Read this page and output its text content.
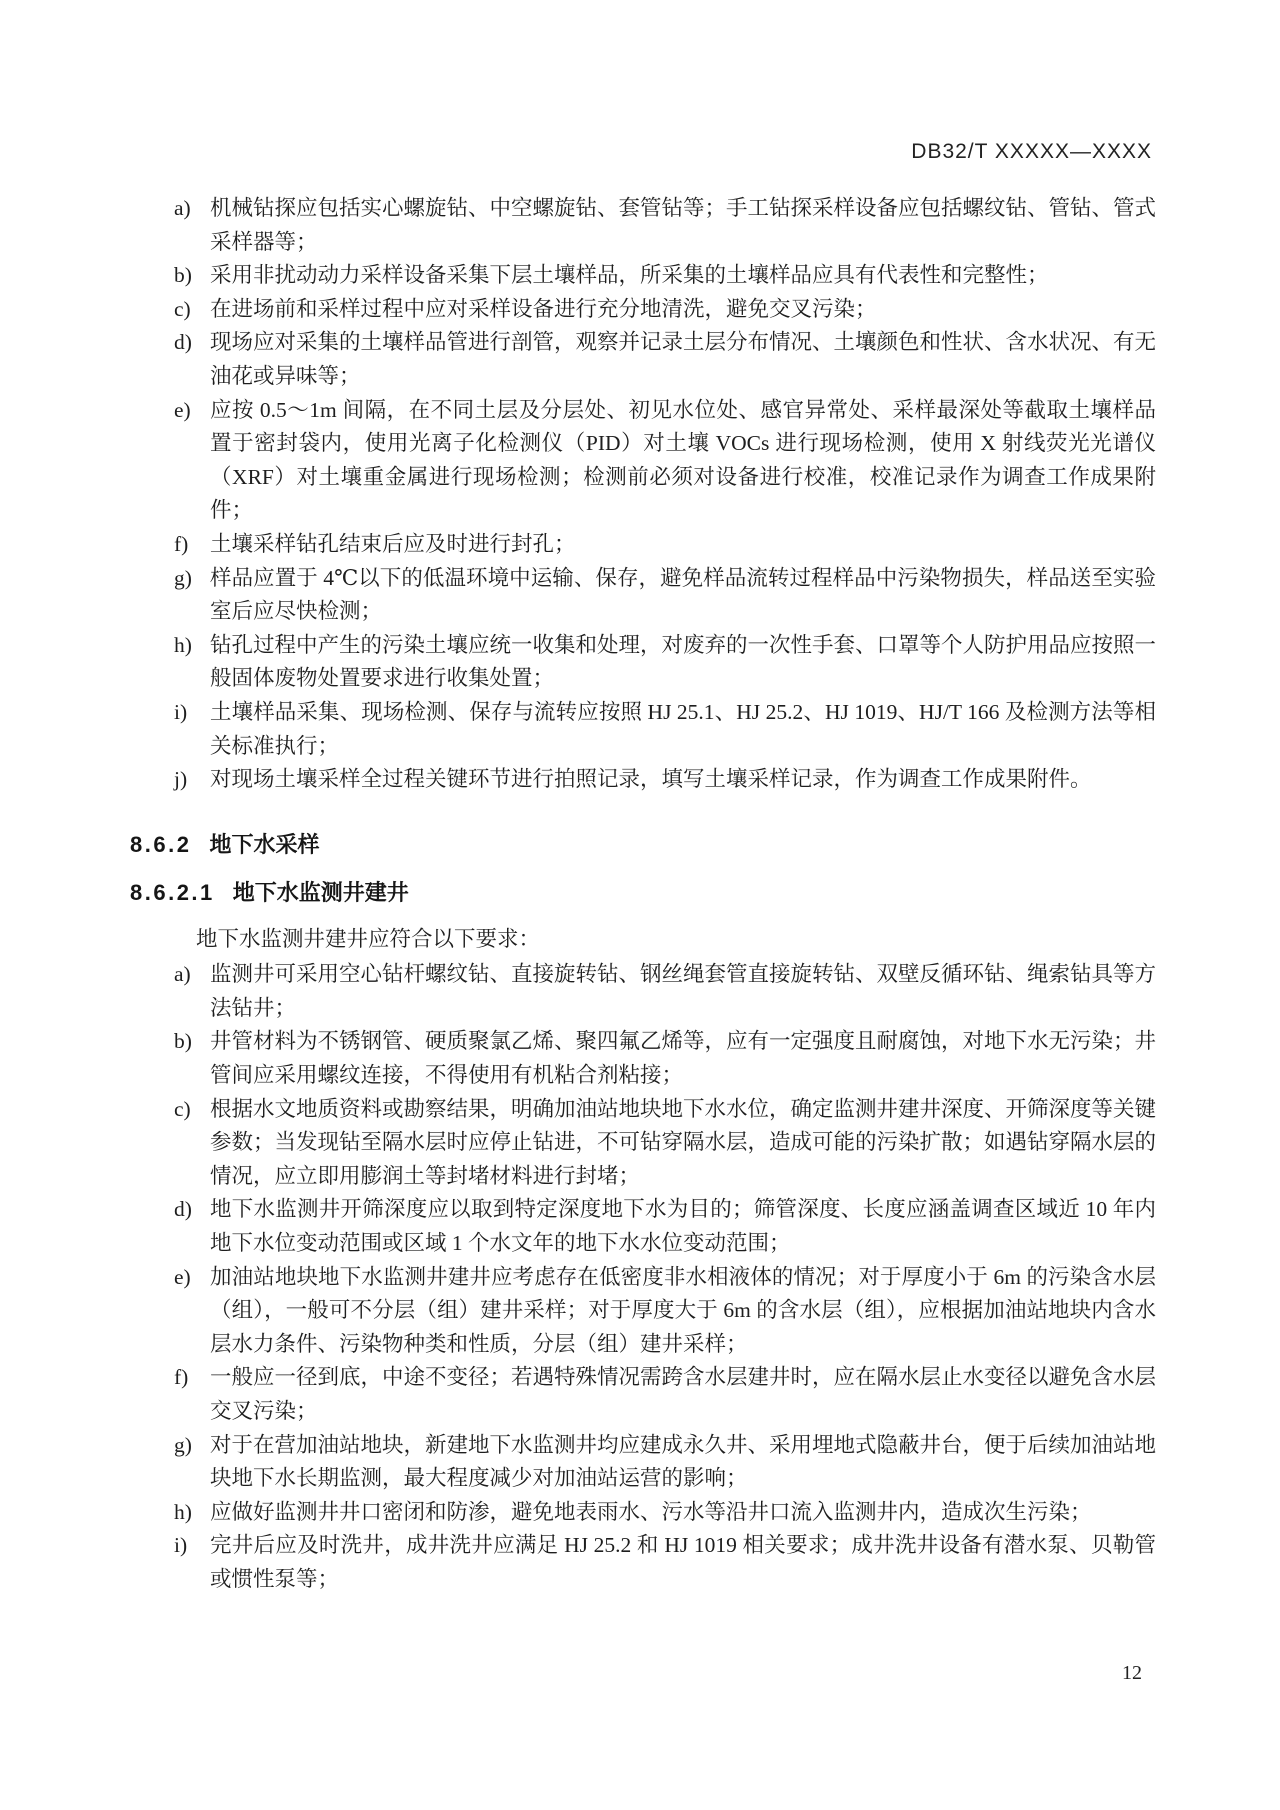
DB32/T XXXXX—XXXX
a) 机械钻探应包括实心螺旋钻、中空螺旋钻、套管钻等；手工钻探采样设备应包括螺纹钻、管钻、管式采样器等；
b) 采用非扰动动力采样设备采集下层土壤样品，所采集的土壤样品应具有代表性和完整性；
c) 在进场前和采样过程中应对采样设备进行充分地清洗，避免交叉污染；
d) 现场应对采集的土壤样品管进行剖管，观察并记录土层分布情况、土壤颜色和性状、含水状况、有无油花或异味等；
e) 应按 0.5～1m 间隔，在不同土层及分层处、初见水位处、感官异常处、采样最深处等截取土壤样品置于密封袋内，使用光离子化检测仪（PID）对土壤 VOCs 进行现场检测，使用 X 射线荧光光谱仪（XRF）对土壤重金属进行现场检测；检测前必须对设备进行校准，校准记录作为调查工作成果附件；
f) 土壤采样钻孔结束后应及时进行封孔；
g) 样品应置于 4℃以下的低温环境中运输、保存，避免样品流转过程样品中污染物损失，样品送至实验室后应尽快检测；
h) 钻孔过程中产生的污染土壤应统一收集和处理，对废弃的一次性手套、口罩等个人防护用品应按照一般固体废物处置要求进行收集处置；
i) 土壤样品采集、现场检测、保存与流转应按照 HJ 25.1、HJ 25.2、HJ 1019、HJ/T 166 及检测方法等相关标准执行；
j) 对现场土壤采样全过程关键环节进行拍照记录，填写土壤采样记录，作为调查工作成果附件。
8.6.2 地下水采样
8.6.2.1 地下水监测井建井
地下水监测井建井应符合以下要求：
a) 监测井可采用空心钻杆螺纹钻、直接旋转钻、钢丝绳套管直接旋转钻、双壁反循环钻、绳索钻具等方法钻井；
b) 井管材料为不锈钢管、硬质聚氯乙烯、聚四氟乙烯等，应有一定强度且耐腐蚀，对地下水无污染；井管间应采用螺纹连接，不得使用有机粘合剂粘接；
c) 根据水文地质资料或勘察结果，明确加油站地块地下水水位，确定监测井建井深度、开筛深度等关键参数；当发现钻至隔水层时应停止钻进，不可钻穿隔水层，造成可能的污染扩散；如遇钻穿隔水层的情况，应立即用膨润土等封堵材料进行封堵；
d) 地下水监测井开筛深度应以取到特定深度地下水为目的；筛管深度、长度应涵盖调查区域近 10 年内地下水位变动范围或区域 1 个水文年的地下水水位变动范围；
e) 加油站地块地下水监测井建井应考虑存在低密度非水相液体的情况；对于厚度小于 6m 的污染含水层（组），一般可不分层（组）建井采样；对于厚度大于 6m 的含水层（组），应根据加油站地块内含水层水力条件、污染物种类和性质，分层（组）建井采样；
f) 一般应一径到底，中途不变径；若遇特殊情况需跨含水层建井时，应在隔水层止水变径以避免含水层交叉污染；
g) 对于在营加油站地块，新建地下水监测井均应建成永久井、采用埋地式隐蔽井台，便于后续加油站地块地下水长期监测，最大程度减少对加油站运营的影响；
h) 应做好监测井井口密闭和防渗，避免地表雨水、污水等沿井口流入监测井内，造成次生污染；
i) 完井后应及时洗井，成井洗井应满足 HJ 25.2 和 HJ 1019 相关要求；成井洗井设备有潜水泵、贝勒管或惯性泵等；
12
